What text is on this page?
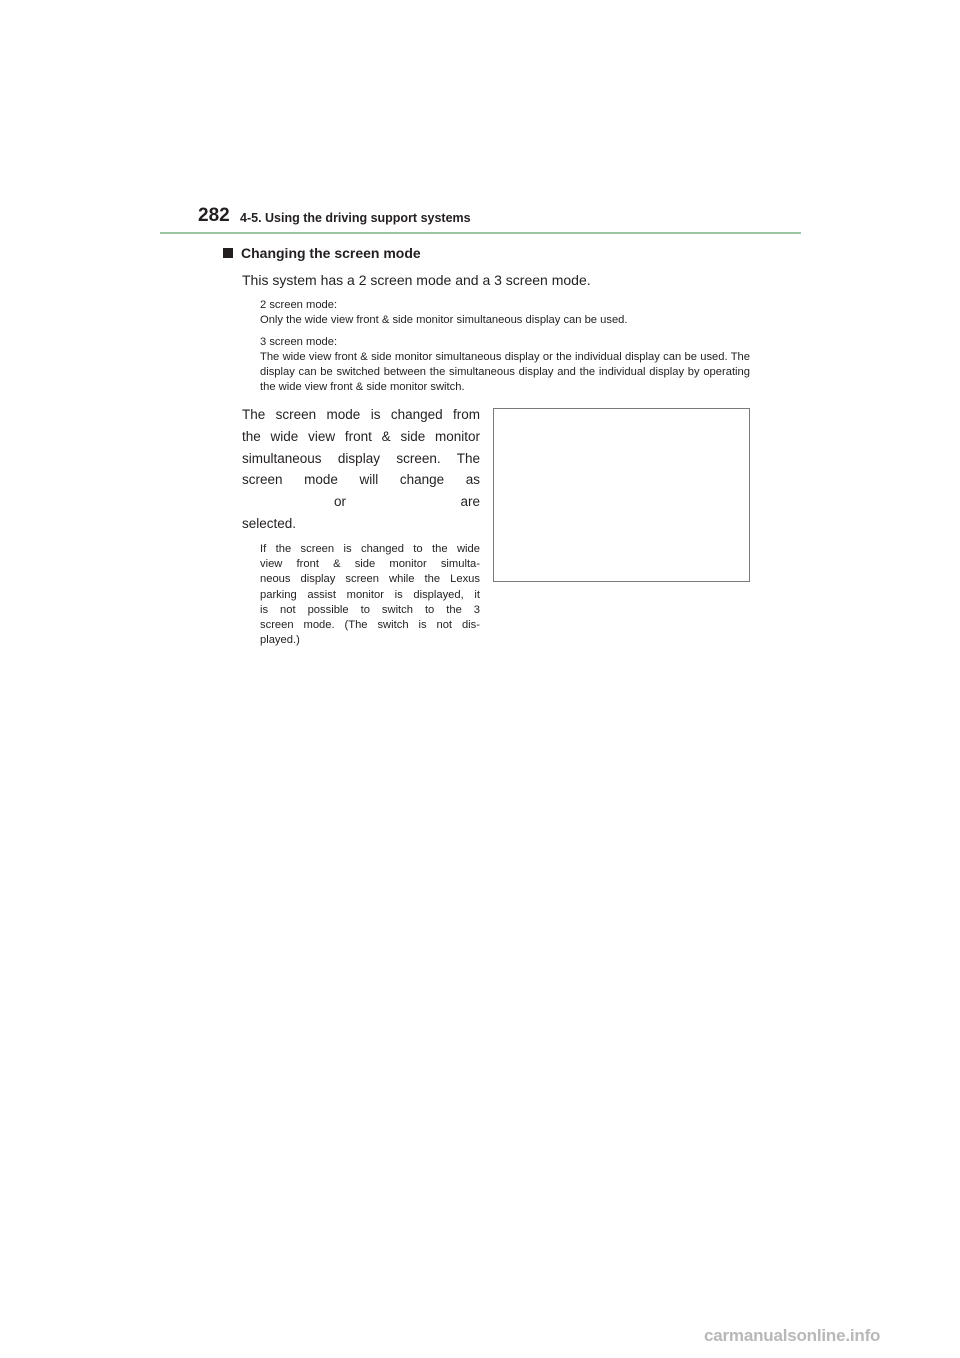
282 4-5. Using the driving support systems
Changing the screen mode
This system has a 2 screen mode and a 3 screen mode.

2 screen mode:

Only the wide view front & side monitor simultaneous display can be used.

3 screen mode:

The wide view front & side monitor simultaneous display or the individual display can be used. The display can be switched between the simultaneous display and the individual display by operating the wide view front & side monitor switch.

The screen mode is changed from
the wide view front & side monitor
simultaneous display screen. The
screen mode will change as
or	are
selected.
If the screen is changed to the wide
view front & side monitor simulta-
neous display screen while the Lexus
parking assist monitor is displayed, it
is not possible to switch to the 3
screen mode. (The switch is not dis-
played.)
carmanualsonline.info
